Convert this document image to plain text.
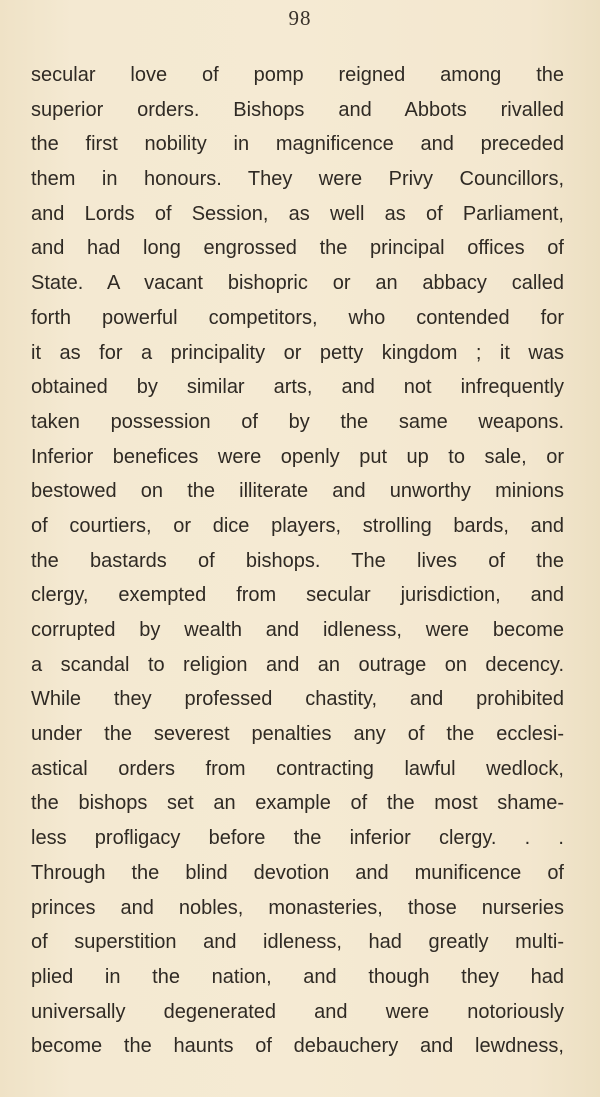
98
secular love of pomp reigned among the
superior orders. Bishops and Abbots rivalled
the first nobility in magnificence and preceded
them in honours. They were Privy Councillors,
and Lords of Session, as well as of Parliament,
and had long engrossed the principal offices of
State. A vacant bishopric or an abbacy called
forth powerful competitors, who contended for
it as for a principality or petty kingdom ; it was
obtained by similar arts, and not infrequently
taken possession of by the same weapons.
Inferior benefices were openly put up to sale, or
bestowed on the illiterate and unworthy minions
of courtiers, or dice players, strolling bards, and
the bastards of bishops. The lives of the
clergy, exempted from secular jurisdiction, and
corrupted by wealth and idleness, were become
a scandal to religion and an outrage on decency.
While they professed chastity, and prohibited
under the severest penalties any of the ecclesi-
astical orders from contracting lawful wedlock,
the bishops set an example of the most shame-
less profligacy before the inferior clergy. . .
Through the blind devotion and munificence of
princes and nobles, monasteries, those nurseries
of superstition and idleness, had greatly multi-
plied in the nation, and though they had
universally degenerated and were notoriously
become the haunts of debauchery and lewdness,
